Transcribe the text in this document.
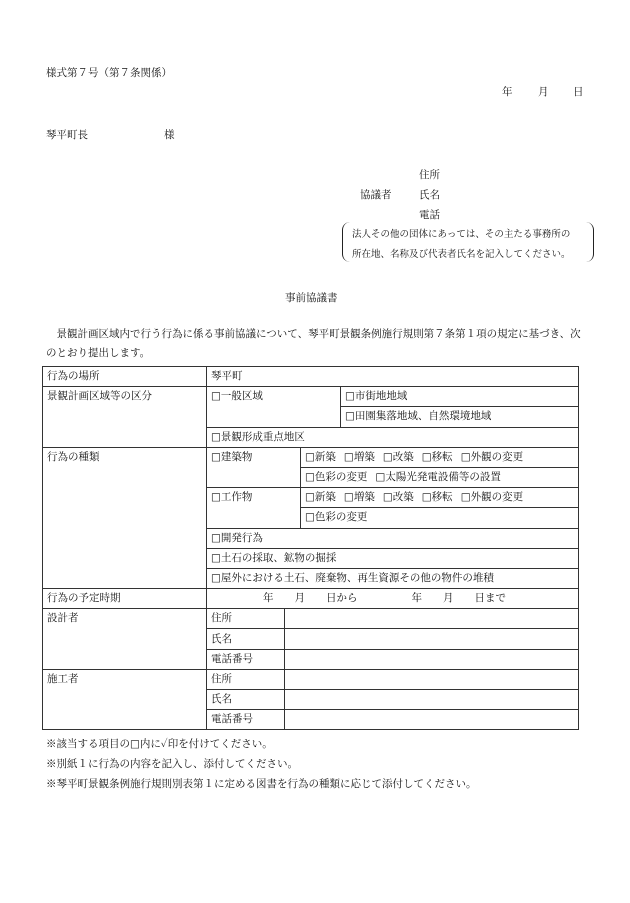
様式第７号（第７条関係）
年 月 日
琴平町長	様
住所
協議者	氏名
電話
法人その他の団体にあっては、その主たる事務所の
所在地、名称及び代表者氏名を記入してください。
事前協議書
　景観計画区域内で行う行為に係る事前協議について、琴平町景観条例施行規則第７条第１項の規定に基づき、次のとおり提出します。
行為の場所	琴平町			
景観計画区域等の区分	□一般区域			□市街地地域
				□田園集落地域、自然環境地域
	□景観形成重点地区			
行為の種類	□建築物		□新築 □増築 □改築 □移転 □外観の変更	
			□色彩の変更 □太陽光発電設備等の設置	
	□工作物		□新築 □増築 □改築 □移転 □外観の変更	
			□色彩の変更	
	□開発行為			
	□土石の採取、鉱物の掘採			
	□屋外における土石、廃棄物、再生資源その他の物件の堆積			
行為の予定時期	年　　月　　日から 年　　月　　日まで			
設計者	住所			
	氏名			
	電話番号			
施工者	住所			
	氏名			
	電話番号			
※該当する項目の□内に✓印を付けてください。
※別紙１に行為の内容を記入し、添付してください。
※琴平町景観条例施行規則別表第１に定める図書を行為の種類に応じて添付してください。
